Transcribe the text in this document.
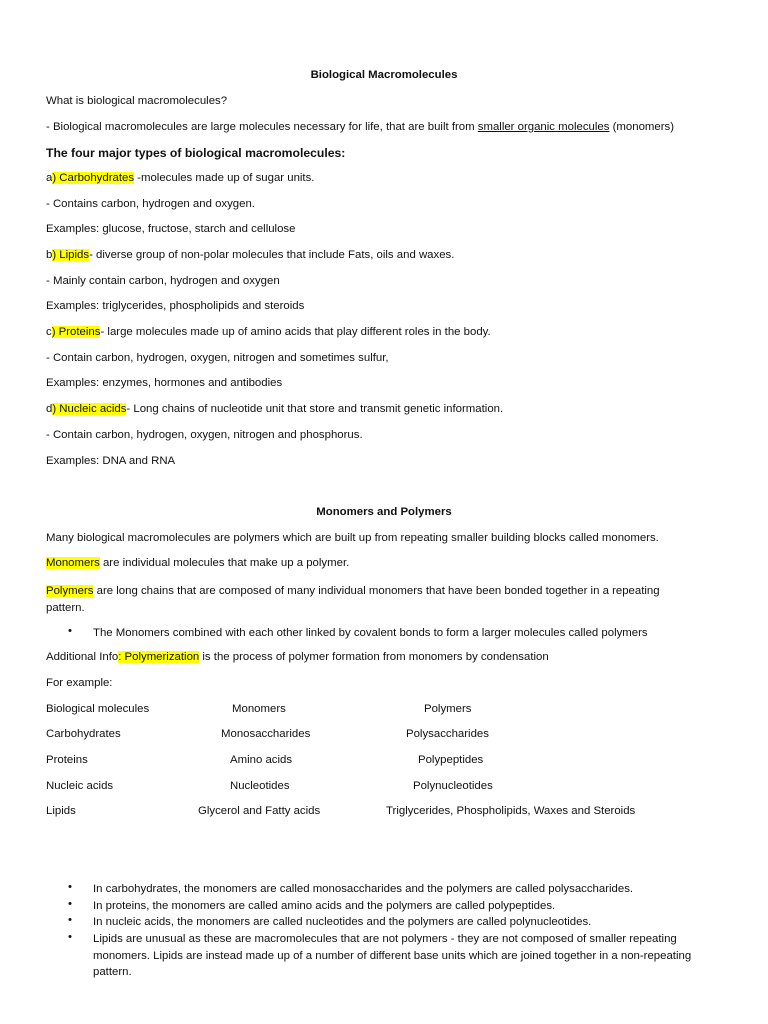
Biological Macromolecules
What is biological macromolecules?
- Biological macromolecules are large molecules necessary for life, that are built from smaller organic molecules (monomers)
The four major types of biological macromolecules:
a) Carbohydrates -molecules made up of sugar units.
- Contains carbon, hydrogen and oxygen.
Examples: glucose, fructose, starch and cellulose
b) Lipids- diverse group of non-polar molecules that include Fats, oils and waxes.
- Mainly contain carbon, hydrogen and oxygen
Examples: triglycerides, phospholipids and steroids
c) Proteins- large molecules made up of amino acids that play different roles in the body.
- Contain carbon, hydrogen, oxygen, nitrogen and sometimes sulfur,
Examples: enzymes, hormones and antibodies
d) Nucleic acids- Long chains of nucleotide unit that store and transmit genetic information.
- Contain carbon, hydrogen, oxygen, nitrogen and phosphorus.
Examples: DNA and RNA
Monomers and Polymers
Many biological macromolecules are polymers which are built up from repeating smaller building blocks called monomers.
Monomers are individual molecules that make up a polymer.
Polymers are long chains that are composed of many individual monomers that have been bonded together in a repeating pattern.
• The Monomers combined with each other linked by covalent bonds to form a larger molecules called polymers
Additional Info: Polymerization is the process of polymer formation from monomers by condensation
For example:
Biological molecules	Monomers	Polymers
Carbohydrates	Monosaccharides	Polysaccharides
Proteins	Amino acids	Polypeptides
Nucleic acids	Nucleotides	Polynucleotides
Lipids	Glycerol and Fatty acids	Triglycerides, Phospholipids, Waxes and Steroids
• In carbohydrates, the monomers are called monosaccharides and the polymers are called polysaccharides.
• In proteins, the monomers are called amino acids and the polymers are called polypeptides.
• In nucleic acids, the monomers are called nucleotides and the polymers are called polynucleotides.
• Lipids are unusual as these are macromolecules that are not polymers - they are not composed of smaller repeating monomers. Lipids are instead made up of a number of different base units which are joined together in a non-repeating pattern.
